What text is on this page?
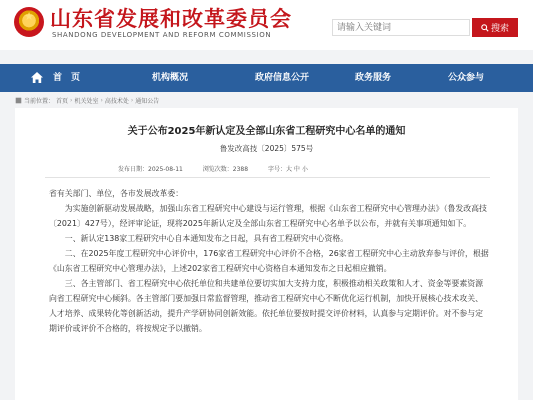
★ 山东省发展和改革委员会
SHANDONG DEVELOPMENT AND REFORM COMMISSION
请输入关键词
搜索
首　页	机构概况	政府信息公开	政务服务	公众参与
当前位置： 首页 › 机关处室 › 高技术处 › 通知公告
关于公布2025年新认定及全部山东省工程研究中心名单的通知
鲁发改高技〔2025〕575号
发布日期：2025-08-11	浏览次数：2388	字号：大 中 小

省有关部门、单位，各市发展改革委：

为实施创新驱动发展战略，加强山东省工程研究中心建设与运行管理，根据《山东省工程研究中心管理办法》（鲁发改高技〔2021〕427号），经评审论证，现将2025年新认定及全部山东省工程研究中心名单予以公布，并就有关事项通知如下。

一、新认定138家工程研究中心自本通知发布之日起，具有省工程研究中心资格。

二、在2025年度工程研究中心评价中，176家省工程研究中心评价不合格，26家省工程研究中心主动放弃参与评价，根据《山东省工程研究中心管理办法》，上述202家省工程研究中心资格自本通知发布之日起相应撤销。

三、各主管部门、省工程研究中心依托单位和共建单位要切实加大支持力度，积极推动相关政策和人才、资金等要素资源向省工程研究中心倾斜。各主管部门要加强日常监督管理，推动省工程研究中心不断优化运行机制，加快开展核心技术攻关、人才培养、成果转化等创新活动，提升产学研协同创新效能。依托单位要按时提交评价材料，认真参与定期评价。对不参与定期评价或评价不合格的，将按规定予以撤销。
